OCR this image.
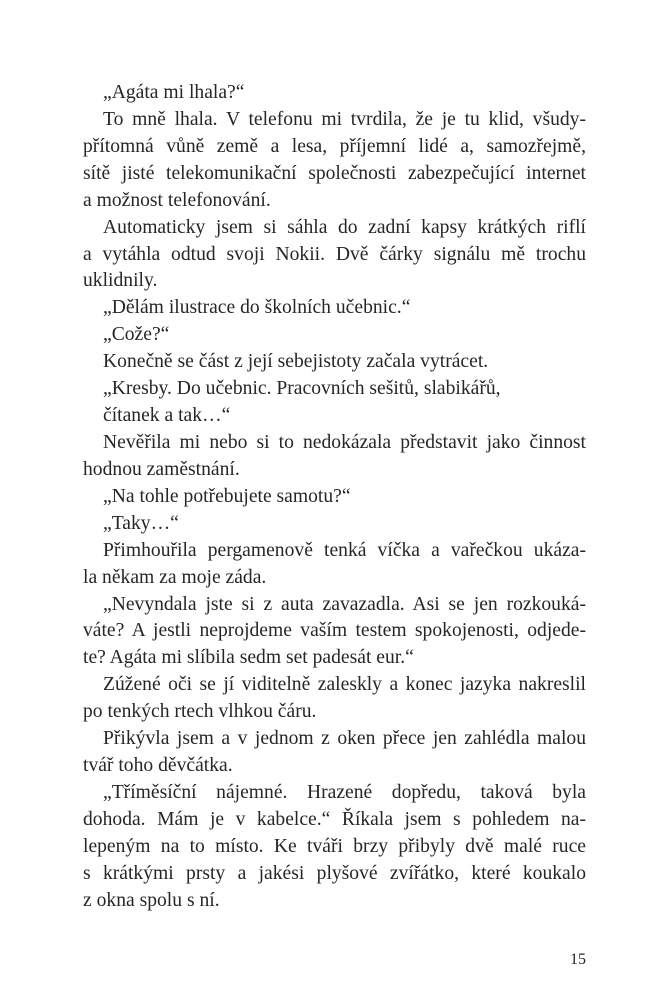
„Agáta mi lhala?“
To mně lhala. V telefonu mi tvrdila, že je tu klid, všudy-
přítomná vůně země a lesa, příjemní lidé a, samozřejmě,
sítě jisté telekomunikační společnosti zabezpečující internet
a možnost telefonování.
Automaticky jsem si sáhla do zadní kapsy krátkých riflí
a vytáhla odtud svoji Nokii. Dvě čárky signálu mě trochu
uklidnily.
„Dělám ilustrace do školních učebnic.“
„Cože?“
Konečně se část z její sebejistoty začala vytrácet.
„Kresby. Do učebnic. Pracovních sešitů, slabikářů,
čítanek a tak…“
Nevěřila mi nebo si to nedokázala představit jako činnost
hodnou zaměstnání.
„Na tohle potřebujete samotu?“
„Taky…“
Přimhouřila pergamenově tenká víčka a vařečkou ukáza-
la někam za moje záda.
„Nevyndala jste si z auta zavazadla. Asi se jen rozkouká-
váte? A jestli neprojdeme vaším testem spokojenosti, odjede-
te? Agáta mi slíbila sedm set padesát eur.“
Zúžené oči se jí viditelně zaleskly a konec jazyka nakreslil
po tenkých rtech vlhkou čáru.
Přikývla jsem a v jednom z oken přece jen zahlédla malou
tvář toho děvčátka.
„Tříměsíční nájemné. Hrazené dopředu, taková byla
dohoda. Mám je v kabelce.“ Říkala jsem s pohledem na-
lepeným na to místo. Ke tváři brzy přibyly dvě malé ruce
s krátkými prsty a jakési plyšové zvířátko, které koukalo
z okna spolu s ní.
15
